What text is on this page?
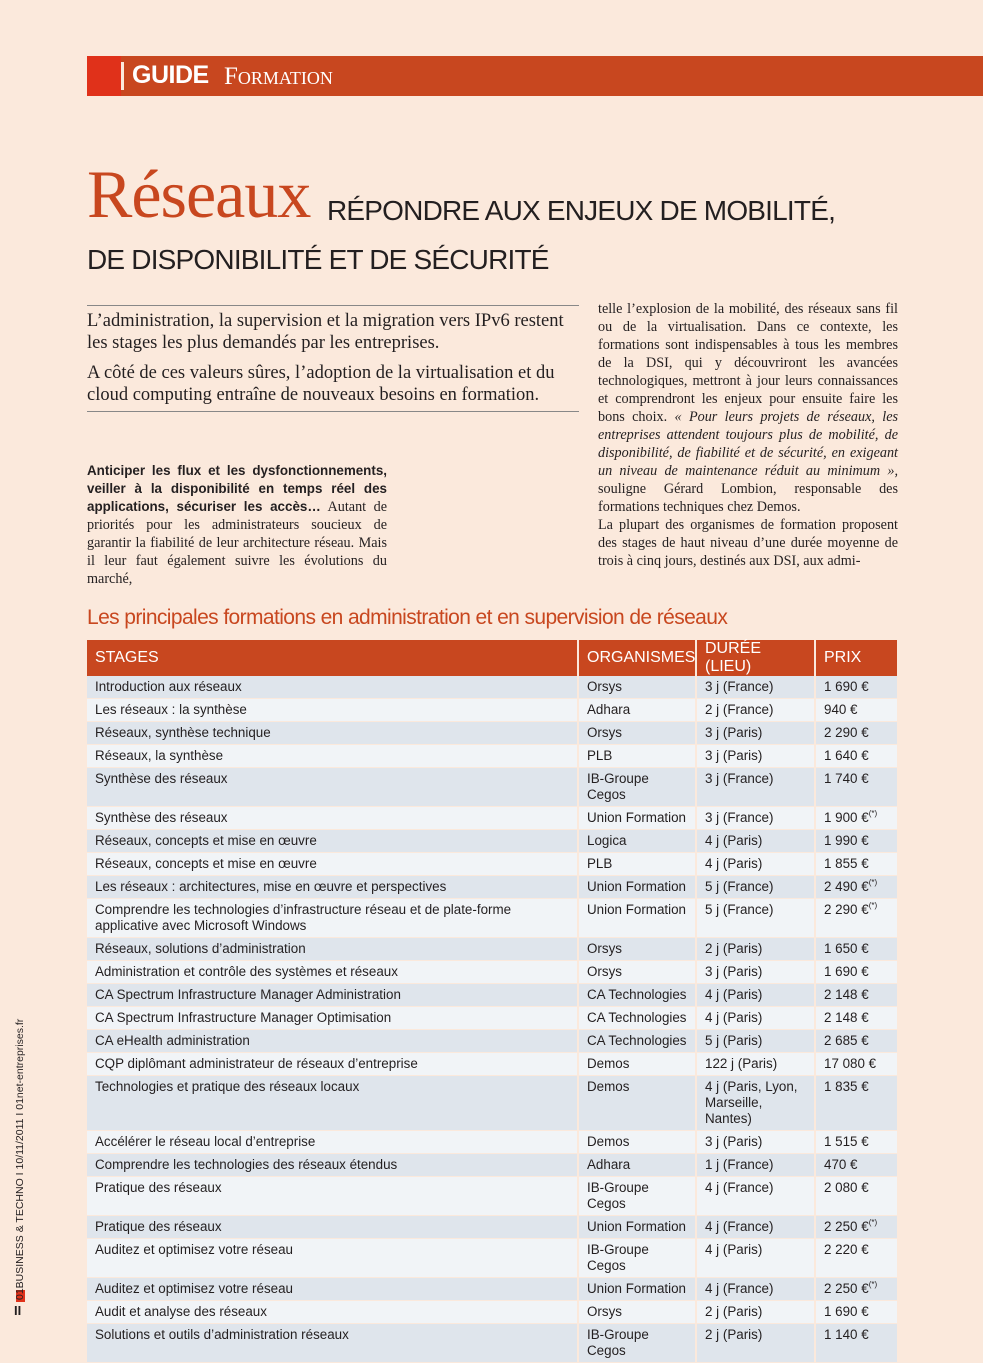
GUIDE Formation
Réseaux RÉPONDRE AUX ENJEUX DE MOBILITÉ,
DE DISPONIBILITÉ ET DE SÉCURITÉ
L’administration, la supervision et la migration vers IPv6 restent les stages les plus demandés par les entreprises.
A côté de ces valeurs sûres, l’adoption de la virtualisation et du cloud computing entraîne de nouveaux besoins en formation.
Anticiper les flux et les dysfonctionnements, veiller à la disponibilité en temps réel des applications, sécuriser les accès… Autant de priorités pour les administrateurs soucieux de garantir la fiabilité de leur architecture réseau. Mais il leur faut également suivre les évolutions du marché,
telle l’explosion de la mobilité, des réseaux sans fil ou de la virtualisation. Dans ce contexte, les formations sont indispensables à tous les membres de la DSI, qui y découvriront les avancées technologiques, mettront à jour leurs connaissances et comprendront les enjeux pour ensuite faire les bons choix. « Pour leurs projets de réseaux, les entreprises attendent toujours plus de mobilité, de disponibilité, de fiabilité et de sécurité, en exigeant un niveau de maintenance réduit au minimum », souligne Gérard Lombion, responsable des formations techniques chez Demos.
La plupart des organismes de formation proposent des stages de haut niveau d’une durée moyenne de trois à cinq jours, destinés aux DSI, aux admi-
Les principales formations en administration et en supervision de réseaux
STAGES	ORGANISMES	DURÉE (LIEU)	PRIX
Introduction aux réseaux	Orsys	3 j (France)	1 690 €
Les réseaux : la synthèse	Adhara	2 j (France)	940 €
Réseaux, synthèse technique	Orsys	3 j (Paris)	2 290 €
Réseaux, la synthèse	PLB	3 j (Paris)	1 640 €
Synthèse des réseaux	IB-Groupe Cegos	3 j (France)	1 740 €
Synthèse des réseaux	Union Formation	3 j (France)	1 900 €(*)
Réseaux, concepts et mise en œuvre	Logica	4 j (Paris)	1 990 €
Réseaux, concepts et mise en œuvre	PLB	4 j (Paris)	1 855 €
Les réseaux : architectures, mise en œuvre et perspectives	Union Formation	5 j (France)	2 490 €(*)
Comprendre les technologies d’infrastructure réseau et de plate-forme applicative avec Microsoft Windows	Union Formation	5 j (France)	2 290 €(*)
Réseaux, solutions d’administration	Orsys	2 j (Paris)	1 650 €
Administration et contrôle des systèmes et réseaux	Orsys	3 j (Paris)	1 690 €
CA Spectrum Infrastructure Manager Administration	CA Technologies	4 j (Paris)	2 148 €
CA Spectrum Infrastructure Manager Optimisation	CA Technologies	4 j (Paris)	2 148 €
CA eHealth administration	CA Technologies	5 j (Paris)	2 685 €
CQP diplômant administrateur de réseaux d’entreprise	Demos	122 j (Paris)	17 080 €
Technologies et pratique des réseaux locaux	Demos	4 j (Paris, Lyon, Marseille, Nantes)	1 835 €
Accélérer le réseau local d’entreprise	Demos	3 j (Paris)	1 515 €
Comprendre les technologies des réseaux étendus	Adhara	1 j (France)	470 €
Pratique des réseaux	IB-Groupe Cegos	4 j (France)	2 080 €
Pratique des réseaux	Union Formation	4 j (France)	2 250 €(*)
Auditez et optimisez votre réseau	IB-Groupe Cegos	4 j (Paris)	2 220 €
Auditez et optimisez votre réseau	Union Formation	4 j (France)	2 250 €(*)
Audit et analyse des réseaux	Orsys	2 j (Paris)	1 690 €
Solutions et outils d’administration réseaux	IB-Groupe Cegos	2 j (Paris)	1 140 €
01BUSINESS & TECHNO I 10/11/2011 I 01net-entreprises.fr
II
